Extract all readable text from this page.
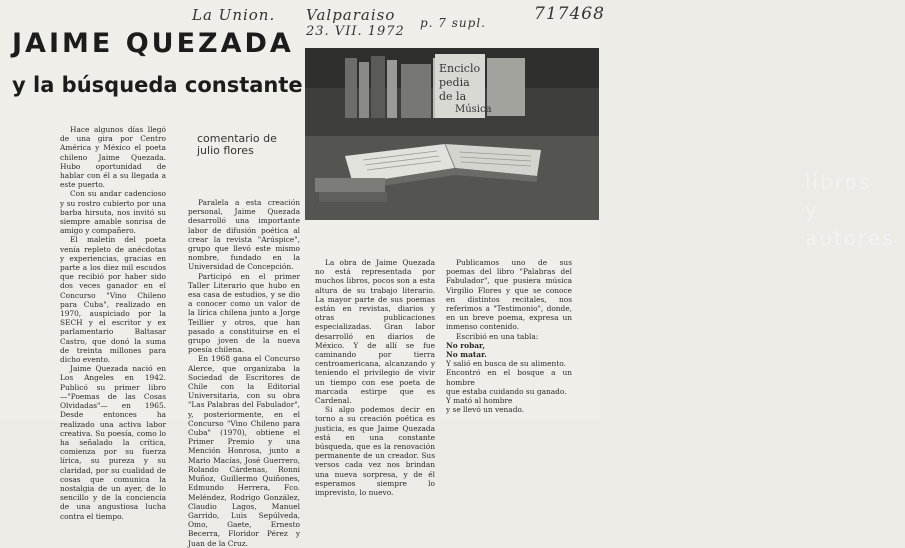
La Union. Valparaiso
23. VII. 1972
p. 7 supl.	717468
JAIME QUEZADA
y la búsqueda constante
comentario de
julio flores
Enciclo
pedia
de la
Música
libros
y
autores

Hace algunos días llegó de una gira por Centro América y México el poeta chileno Jaime Quezada. Hubo oportunidad de hablar con él a su llegada a este puerto.

Con su andar cadencioso y su rostro cubierto por una barba hirsuta, nos invitó su siempre amable sonrisa de amigo y compañero.

El maletín del poeta venía repleto de anécdotas y experiencias, gracias en parte a los diez mil escudos que recibió por haber sido dos veces ganador en el Concurso "Vino Chileno para Cuba", realizado en 1970, auspiciado por la SECH y el escritor y ex parlamentario Baltasar Castro, que donó la suma de treinta millones para dicho evento.

Jaime Quezada nació en Los Angeles en 1942. Publicó su primer libro —"Poemas de las Cosas Olvidadas"— en 1965. Desde entonces ha realizado una activa labor creativa. Su poesía, como lo ha señalado la crítica, comienza por su fuerza lírica, su pureza y su claridad, por su cualidad de cosas que comunica la nostalgia de un ayer, de lo sencillo y de la conciencia de una angustiosa lucha contra el tiempo.

Paralela a esta creación personal, Jaime Quezada desarrolló una importante labor de difusión poética al crear la revista "Arúspice", grupo que llevó este mismo nombre, fundado en la Universidad de Concepción.

Participó en el primer Taller Literario que hubo en esa casa de estudios, y se dio a conocer como un valor de la lírica chilena junto a Jorge Teillier y otros, que han pasado a constituirse en el grupo joven de la nueva poesía chilena.

En 1968 gana el Concurso Alerce, que organizaba la Sociedad de Escritores de Chile con la Editorial Universitaria, con su obra "Las Palabras del Fabulador", y, posteriormente, en el Concurso "Vino Chileno para Cuba" (1970), obtiene el Primer Premio y una Mención Honrosa, junto a Mario Macías, José Guerrero, Rolando Cárdenas, Ronni Muñoz, Guillermo Quiñones, Edmundo Herrera, Fco. Meléndez, Rodrigo González, Claudio Lagos, Manuel Garrido, Luis Sepúlveda, Omo, Gaete, Ernesto Becerra, Floridor Pérez y Juan de la Cruz.

La obra de Jaime Quezada no está representada por muchos libros, pocos son a esta altura de su trabajo literario. La mayor parte de sus poemas están en revistas, diarios y otras publicaciones especializadas. Gran labor desarrolló en diarios de México. Y de allí se fue caminando por tierra centroamericana, alcanzando y teniendo el privilegio de vivir un tiempo con ese poeta de marcada estirpe que es Cardenal.

Si algo podemos decir en torno a su creación poética es justicia, es que Jaime Quezada está en una constante búsqueda, que es la renovación permanente de un creador. Sus versos cada vez nos brindan una nueva sorpresa, y de él esperamos siempre lo imprevisto, lo nuevo.

Publicamos uno de sus poemas del libro "Palabras del Fabulador", que pusiera música Virgilio Flores y que se conoce en distintos recitales, nos referimos a "Testimonio", donde, en un breve poema, expresa un inmenso contenido.

Escribió en una tabla:

No robar,

No matar.

Y salió en busca de su alimento.

Encontró en el bosque a un hombre

que estaba cuidando su ganado.

Y mató al hombre

y se llevó un venado.
